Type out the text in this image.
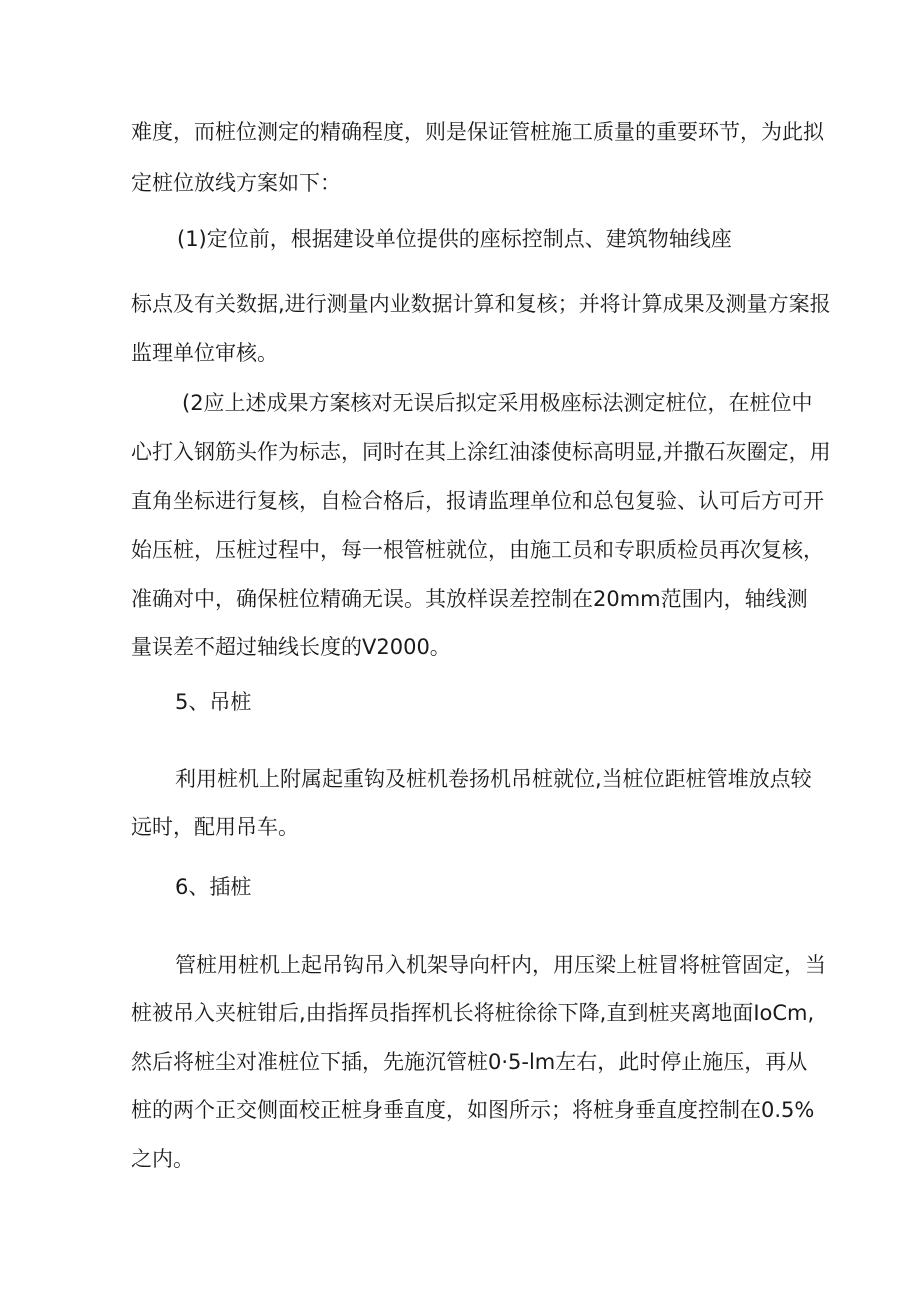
难度，而桩位测定的精确程度，则是保证管桩施工质量的重要环节，为此拟

定桩位放线方案如下：

(1)定位前，根据建设单位提供的座标控制点、建筑物轴线座

标点及有关数据,进行测量内业数据计算和复核；并将计算成果及测量方案报

监理单位审核。

(2应上述成果方案核对无误后拟定采用极座标法测定桩位，在桩位中

心打入钢筋头作为标志，同时在其上涂红油漆使标高明显,并撒石灰圈定，用

直角坐标进行复核，自检合格后，报请监理单位和总包复验、认可后方可开

始压桩，压桩过程中，每一根管桩就位，由施工员和专职质检员再次复核，

准确对中，确保桩位精确无误。其放样误差控制在20mm范围内，轴线测

量误差不超过轴线长度的V2000。

5、吊桩

利用桩机上附属起重钩及桩机卷扬机吊桩就位,当桩位距桩管堆放点较

远时，配用吊车。

6、插桩

管桩用桩机上起吊钩吊入机架导向杆内，用压梁上桩冒将桩管固定，当

桩被吊入夹桩钳后,由指挥员指挥机长将桩徐徐下降,直到桩夹离地面IoCm,

然后将桩尘对准桩位下插，先施沉管桩0·5-lm左右，此时停止施压，再从

桩的两个正交侧面校正桩身垂直度，如图所示；将桩身垂直度控制在0.5%

之内。
